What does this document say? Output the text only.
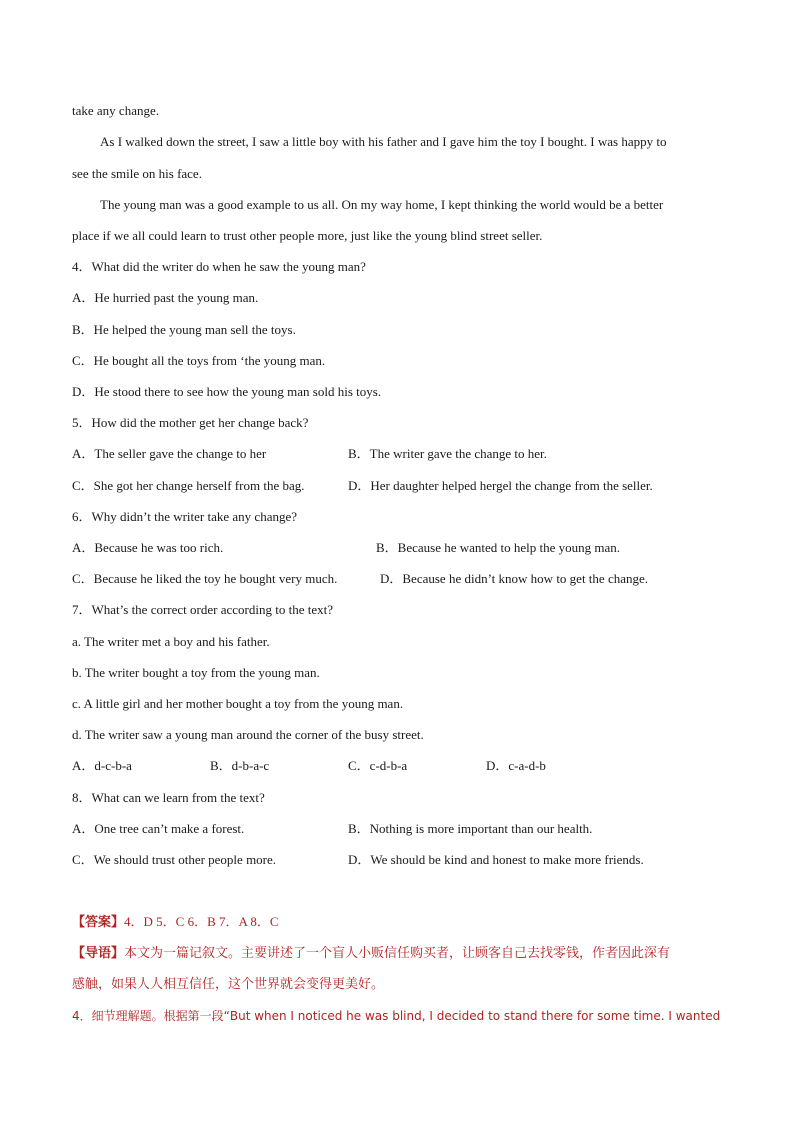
take any change.
As I walked down the street, I saw a little boy with his father and I gave him the toy I bought. I was happy to
see the smile on his face.
The young man was a good example to us all. On my way home, I kept thinking the world would be a better
place if we all could learn to trust other people more, just like the young blind street seller.
4．What did the writer do when he saw the young man?
A．He hurried past the young man.
B．He helped the young man sell the toys.
C．He bought all the toys from ‘the young man.
D．He stood there to see how the young man sold his toys.
5．How did the mother get her change back?
A．The seller gave the change to her	B．The writer gave the change to her.
C．She got her change herself from the bag.	D．Her daughter helped hergel the change from the seller.
6．Why didn’t the writer take any change?
A．Because he was too rich.	B．Because he wanted to help the young man.
C．Because he liked the toy he bought very much.	D．Because he didn’t know how to get the change.
7．What’s the correct order according to the text?
a. The writer met a boy and his father.
b. The writer bought a toy from the young man.
c. A little girl and her mother bought a toy from the young man.
d. The writer saw a young man around the corner of the busy street.
A．d-c-b-a	B．d-b-a-c	C．c-d-b-a	D．c-a-d-b
8．What can we learn from the text?
A．One tree can’t make a forest.	B．Nothing is more important than our health.
C．We should trust other people more.	D．We should be kind and honest to make more friends.
【答案】4．D 5．C 6．B 7．A 8．C
【导语】本文为一篇记叙文。主要讲述了一个盲人小贩信任购买者，让顾客自己去找零钱，作者因此深有
感触，如果人人相互信任，这个世界就会变得更美好。
4．细节理解题。根据第一段“But when I noticed he was blind, I decided to stand there for some time. I wanted
